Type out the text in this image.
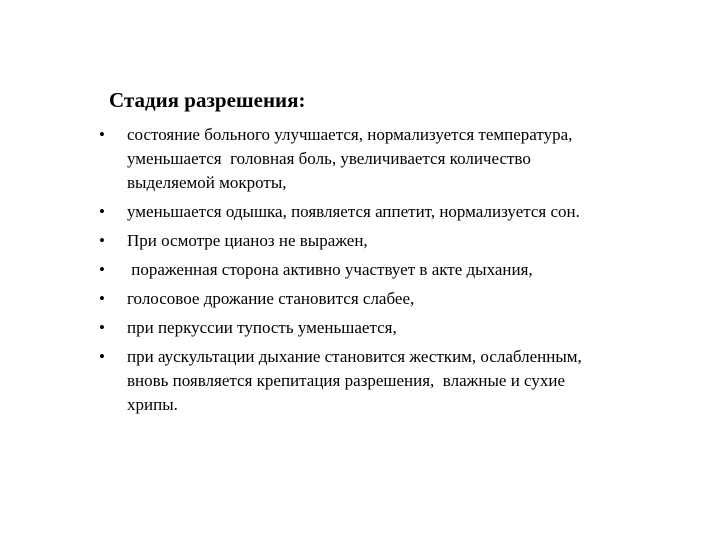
Стадия разрешения:
•	состояние больного улучшается, нормализуется температура,
уменьшается  головная боль, увеличивается количество
выделяемой мокроты,
•	уменьшается одышка, появляется аппетит, нормализуется сон.
•	При осмотре цианоз не выражен,
•	пораженная сторона активно участвует в акте дыхания,
•	голосовое дрожание становится слабее,
•	при перкуссии тупость уменьшается,
•	при аускультации дыхание становится жестким, ослабленным,
вновь появляется крепитация разрешения,  влажные и сухие
хрипы.
